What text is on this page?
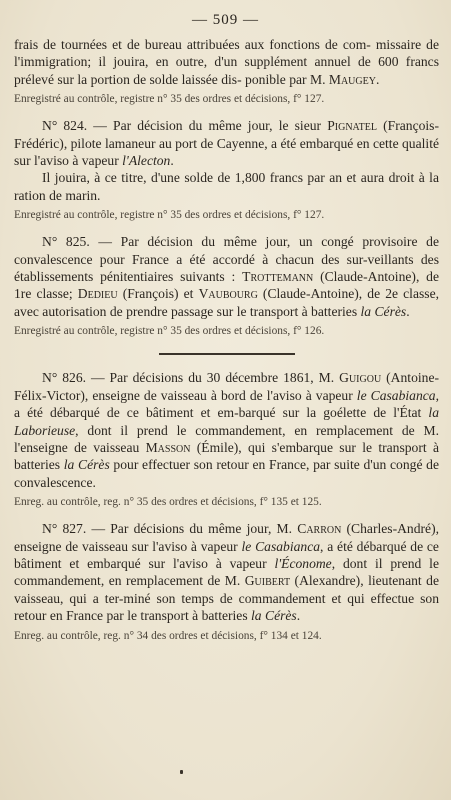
— 509 —

frais de tournées et de bureau attribuées aux fonctions de com- missaire de l'immigration; il jouira, en outre, d'un supplément annuel de 600 francs prélevé sur la portion de solde laissée dis- ponible par M. Maugey.

Enregistré au contrôle, registre n° 35 des ordres et décisions, f° 127.

N° 824. — Par décision du même jour, le sieur Pignatel (François-Frédéric), pilote lamaneur au port de Cayenne, a été embarqué en cette qualité sur l'aviso à vapeur l'Alecton.

Il jouira, à ce titre, d'une solde de 1,800 francs par an et aura droit à la ration de marin.

Enregistré au contrôle, registre n° 35 des ordres et décisions, f° 127.

N° 825. — Par décision du même jour, un congé provisoire de convalescence pour France a été accordé à chacun des sur-veillants des établissements pénitentiaires suivants : Trottemann (Claude-Antoine), de 1re classe; Dedieu (François) et Vaubourg (Claude-Antoine), de 2e classe, avec autorisation de prendre passage sur le transport à batteries la Cérès.

Enregistré au contrôle, registre n° 35 des ordres et décisions, f° 126.

N° 826. — Par décisions du 30 décembre 1861, M. Guigou (Antoine-Félix-Victor), enseigne de vaisseau à bord de l'aviso à vapeur le Casabianca, a été débarqué de ce bâtiment et em-barqué sur la goélette de l'État la Laborieuse, dont il prend le commandement, en remplacement de M. l'enseigne de vaisseau Masson (Émile), qui s'embarque sur le transport à batteries la Cérès pour effectuer son retour en France, par suite d'un congé de convalescence.

Enreg. au contrôle, reg. n° 35 des ordres et décisions, f° 135 et 125.

N° 827. — Par décisions du même jour, M. Carron (Charles-André), enseigne de vaisseau sur l'aviso à vapeur le Casabianca, a été débarqué de ce bâtiment et embarqué sur l'aviso à vapeur l'Économe, dont il prend le commandement, en remplacement de M. Guibert (Alexandre), lieutenant de vaisseau, qui a ter-miné son temps de commandement et qui effectue son retour en France par le transport à batteries la Cérès.

Enreg. au contrôle, reg. n° 34 des ordres et décisions, f° 134 et 124.
